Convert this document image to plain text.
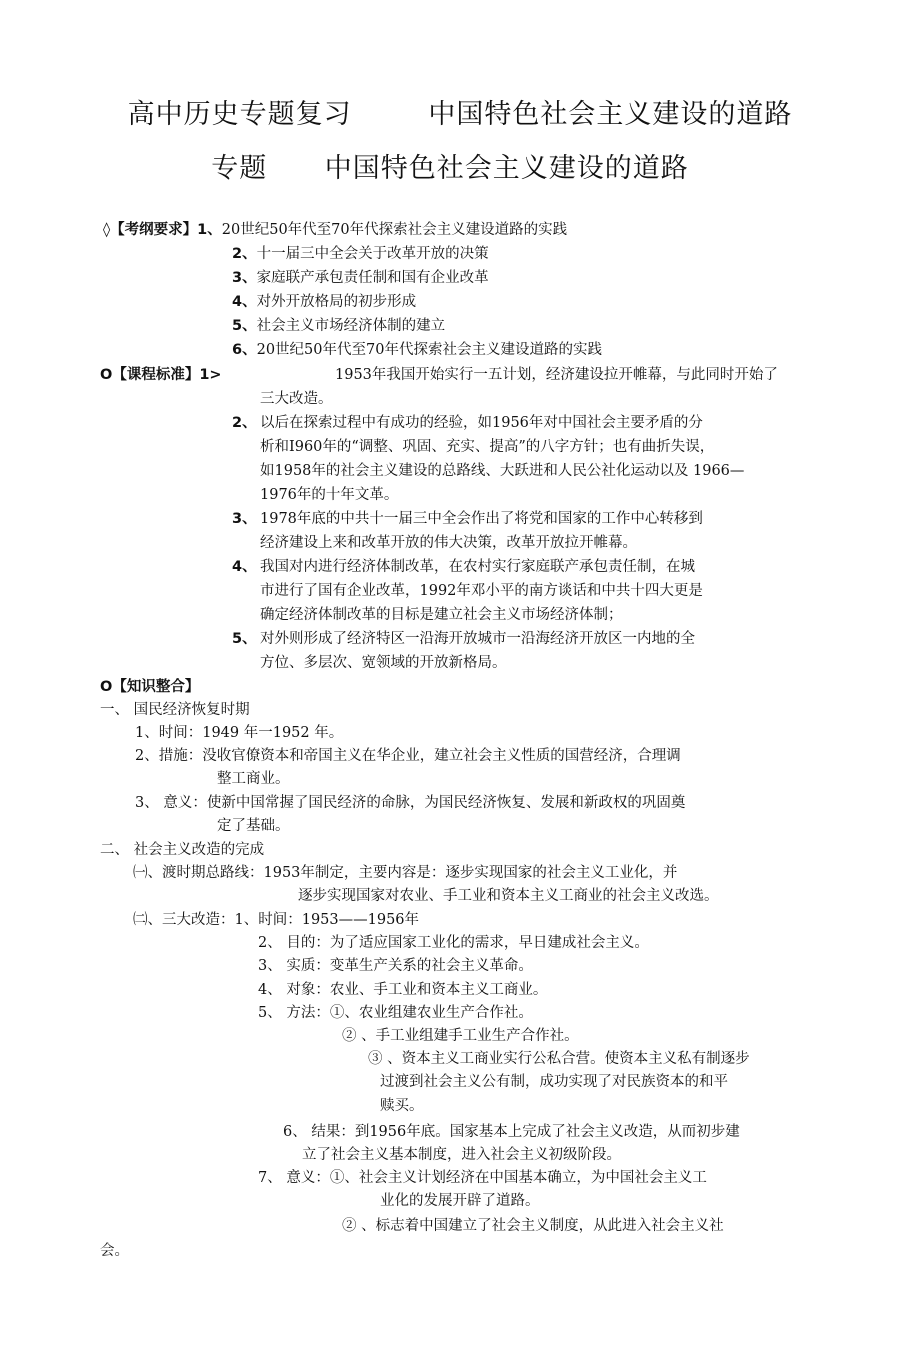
高中历史专题复习        中国特色社会主义建设的道路
专题      中国特色社会主义建设的道路
◊【考纲要求】1、20世纪50年代至70年代探索社会主义建设道路的实践
2、十一届三中全会关于改革开放的决策
3、家庭联产承包责任制和国有企业改革
4、对外开放格局的初步形成
5、社会主义市场经济体制的建立
6、20世纪50年代至70年代探索社会主义建设道路的实践
O【课程标准】1>	1953年我国开始实行一五计划，经济建设拉开帷幕，与此同时开始了
三大改造。
2、 以后在探索过程中有成功的经验，如1956年对中国社会主要矛盾的分
析和I960年的“调整、巩固、充实、提高”的八字方针；也有曲折失误，
如1958年的社会主义建设的总路线、大跃进和人民公社化运动以及 1966—
1976年的十年文革。
3、 1978年底的中共十一届三中全会作出了将党和国家的工作中心转移到
经济建设上来和改革开放的伟大决策，改革开放拉开帷幕。
4、 我国对内进行经济体制改革，在农村实行家庭联产承包责任制，在城
市进行了国有企业改革，1992年邓小平的南方谈话和中共十四大更是
确定经济体制改革的目标是建立社会主义市场经济体制；
5、 对外则形成了经济特区一沿海开放城市一沿海经济开放区一内地的全
方位、多层次、宽领域的开放新格局。
O【知识整合】
一、 国民经济恢复时期
1、时间：1949 年一1952 年。
2、措施：没收官僚资本和帝国主义在华企业，建立社会主义性质的国营经济，合理调
整工商业。
3、 意义：使新中国常握了国民经济的命脉，为国民经济恢复、发展和新政权的巩固奠
定了基础。
二、 社会主义改造的完成
㈠、渡时期总路线：1953年制定，主要内容是：逐步实现国家的社会主义工业化，并
逐步实现国家对农业、手工业和资本主义工商业的社会主义改选。
㈡、三大改造：1、时间：1953——1956年
2、 目的：为了适应国家工业化的需求，早日建成社会主义。
3、 实质：变革生产关系的社会主义革命。
4、 对象：农业、手工业和资本主义工商业。
5、 方法：①、农业组建农业生产合作社。
② 、手工业组建手工业生产合作社。
③ 、资本主义工商业实行公私合营。使资本主义私有制逐步
过渡到社会主义公有制，成功实现了对民族资本的和平
赎买。
6、 结果：到1956年底。国家基本上完成了社会主义改造，从而初步建
立了社会主义基本制度，进入社会主义初级阶段。
7、 意义：①、社会主义计划经济在中国基本确立，为中国社会主义工
业化的发展开辟了道路。
② 、标志着中国建立了社会主义制度，从此进入社会主义社
会。
